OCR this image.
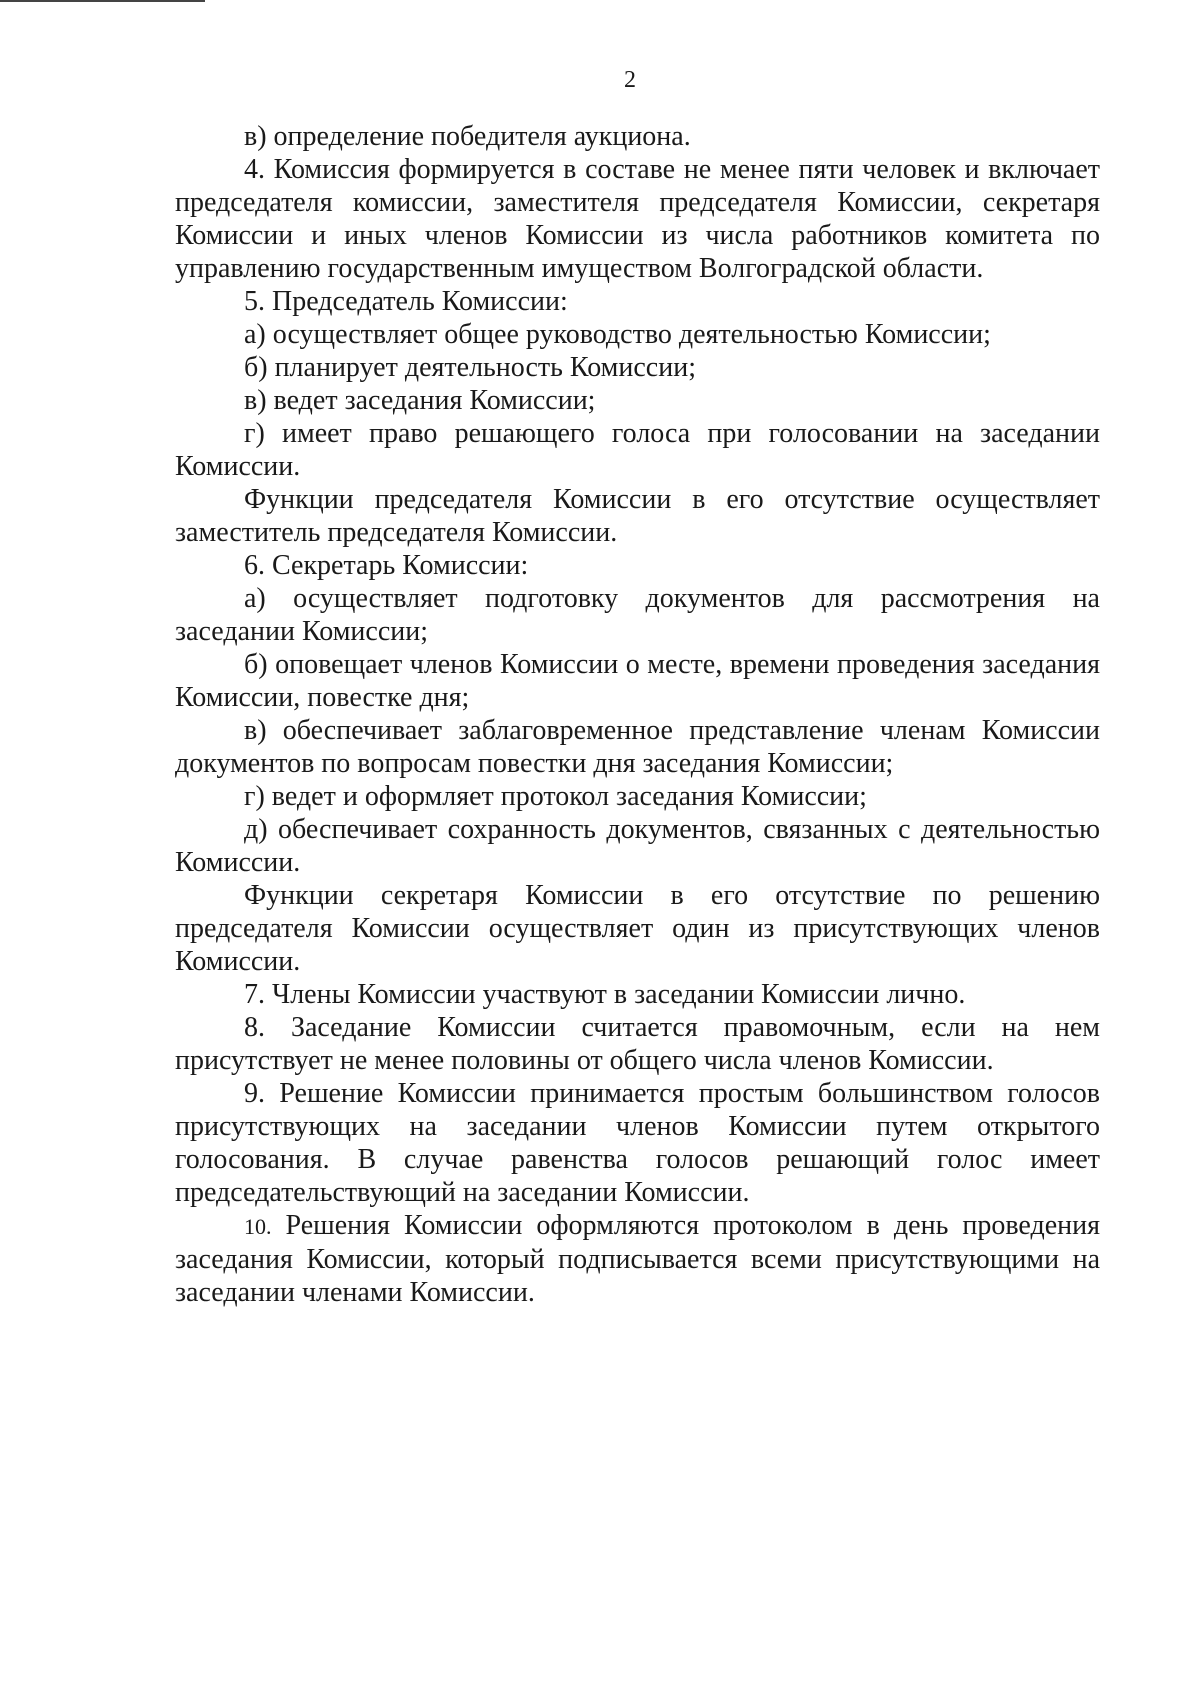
2

в) определение победителя аукциона.

4. Комиссия формируется в составе не менее пяти человек и включает председателя комиссии, заместителя председателя Комиссии, секретаря Комиссии и иных членов Комиссии из числа работников комитета по управлению государственным имуществом Волгоградской области.

5. Председатель Комиссии:

а) осуществляет общее руководство деятельностью Комиссии;

б) планирует деятельность Комиссии;

в) ведет заседания Комиссии;

г) имеет право решающего голоса при голосовании на заседании Комиссии.

Функции председателя Комиссии в его отсутствие осуществляет заместитель председателя Комиссии.

6. Секретарь Комиссии:

а) осуществляет подготовку документов для рассмотрения на заседании Комиссии;

б) оповещает членов Комиссии о месте, времени проведения заседания Комиссии, повестке дня;

в) обеспечивает заблаговременное представление членам Комиссии документов по вопросам повестки дня заседания Комиссии;

г) ведет и оформляет протокол заседания Комиссии;

д) обеспечивает сохранность документов, связанных с деятельностью Комиссии.

Функции секретаря Комиссии в его отсутствие по решению председателя Комиссии осуществляет один из присутствующих членов Комиссии.

7. Члены Комиссии участвуют в заседании Комиссии лично.

8. Заседание Комиссии считается правомочным, если на нем присутствует не менее половины от общего числа членов Комиссии.

9. Решение Комиссии принимается простым большинством голосов присутствующих на заседании членов Комиссии путем открытого голосования. В случае равенства голосов решающий голос имеет председательствующий на заседании Комиссии.

10. Решения Комиссии оформляются протоколом в день проведения заседания Комиссии, который подписывается всеми присутствующими на заседании членами Комиссии.
